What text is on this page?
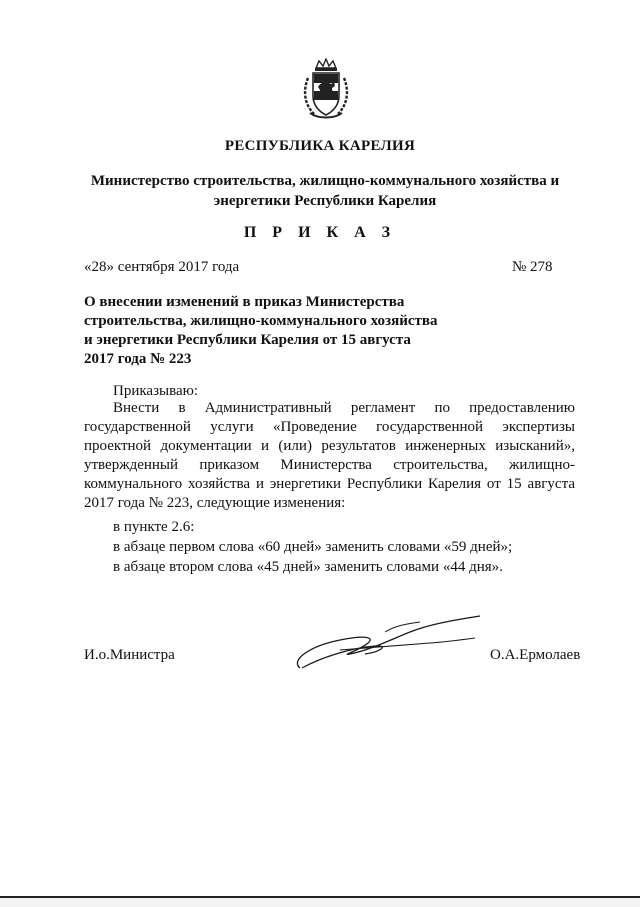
РЕСПУБЛИКА КАРЕЛИЯ
Министерство строительства, жилищно-коммунального хозяйства и энергетики Республики Карелия
П Р И К А З
«28» сентября 2017 года	№ 278
О внесении изменений в приказ Министерства строительства, жилищно-коммунального хозяйства и энергетики Республики Карелия от 15 августа 2017 года № 223
Приказываю:
Внести в Административный регламент по предоставлению государственной услуги «Проведение государственной экспертизы проектной документации и (или) результатов инженерных изысканий», утвержденный приказом Министерства строительства, жилищно-коммунального хозяйства и энергетики Республики Карелия от 15 августа 2017 года № 223, следующие изменения:
в пункте 2.6:
в абзаце первом слова «60 дней» заменить словами «59 дней»;
в абзаце втором слова «45 дней» заменить словами «44 дня».
И.о.Министра	О.А.Ермолаев
